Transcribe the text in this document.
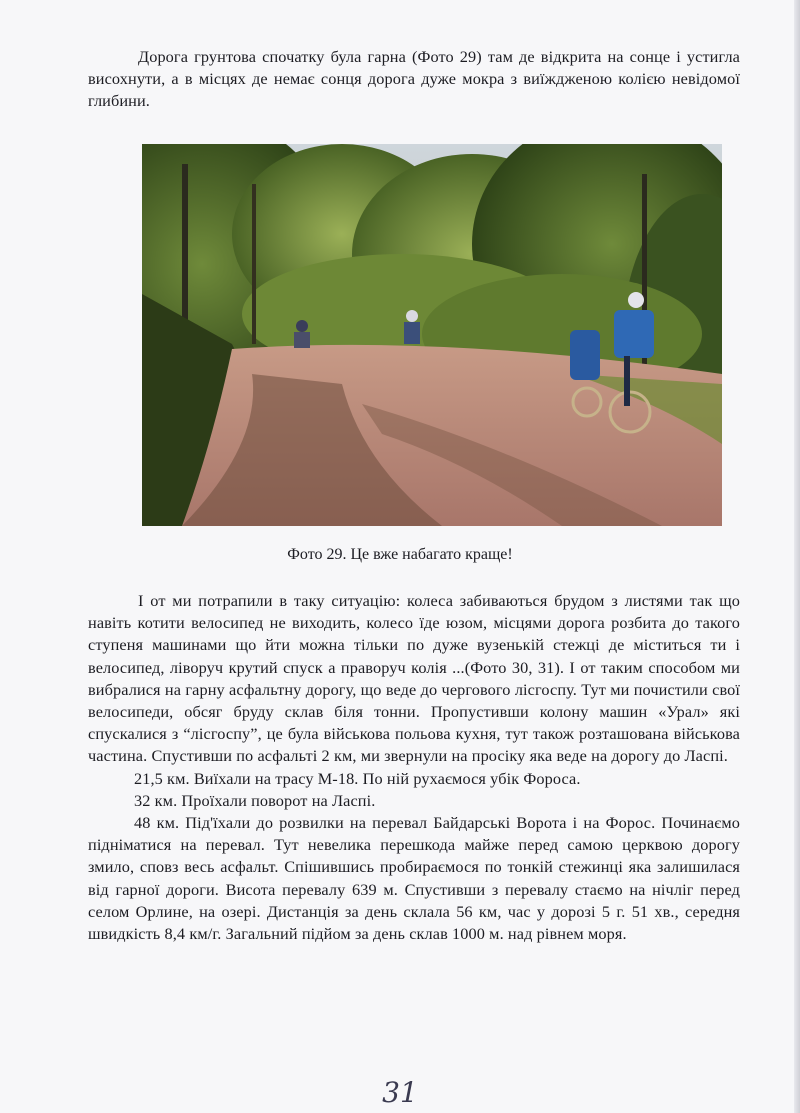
Дорога грунтова спочатку була гарна (Фото 29) там де відкрита на сонце і устигла висохнути, а в місцях де немає сонця дорога дуже мокра з виїждженою колією невідомої глибини.

Фото 29. Це вже набагато краще!

І от ми потрапили в таку ситуацію: колеса забиваються брудом з листями так що навіть котити велосипед не виходить, колесо їде юзом, місцями дорога розбита до такого ступеня машинами що йти можна тільки по дуже вузенькій стежці де міститься ти і велосипед, ліворуч крутий спуск а праворуч колія ...(Фото 30, 31). І от таким способом ми вибралися на гарну асфальтну дорогу, що веде до чергового лісгоспу. Тут ми почистили свої велосипеди, обсяг бруду склав біля тонни. Пропустивши колону машин «Урал» які спускалися з “лісгоспу”, це була військова польова кухня, тут також розташована військова частина. Спустивши по асфальті 2 км, ми звернули на просіку яка веде на дорогу до Ласпі.

21,5 км. Виїхали на трасу М-18. По ній рухаємося убік Фороса.

32 км. Проїхали поворот на Ласпі.

48 км. Під'їхали до розвилки на перевал Байдарські Ворота і на Форос. Починаємо підніматися на перевал. Тут невелика перешкода майже перед самою церквою дорогу змило, сповз весь асфальт. Спішившись пробираємося по тонкій стежинці яка залишилася від гарної дороги. Висота перевалу 639 м. Спустивши з перевалу стаємо на нічліг перед селом Орлине, на озері. Дистанція за день склала 56 км, час у дорозі 5 г. 51 хв., середня швидкість 8,4 км/г. Загальний підйом за день склав 1000 м. над рівнем моря.

31
